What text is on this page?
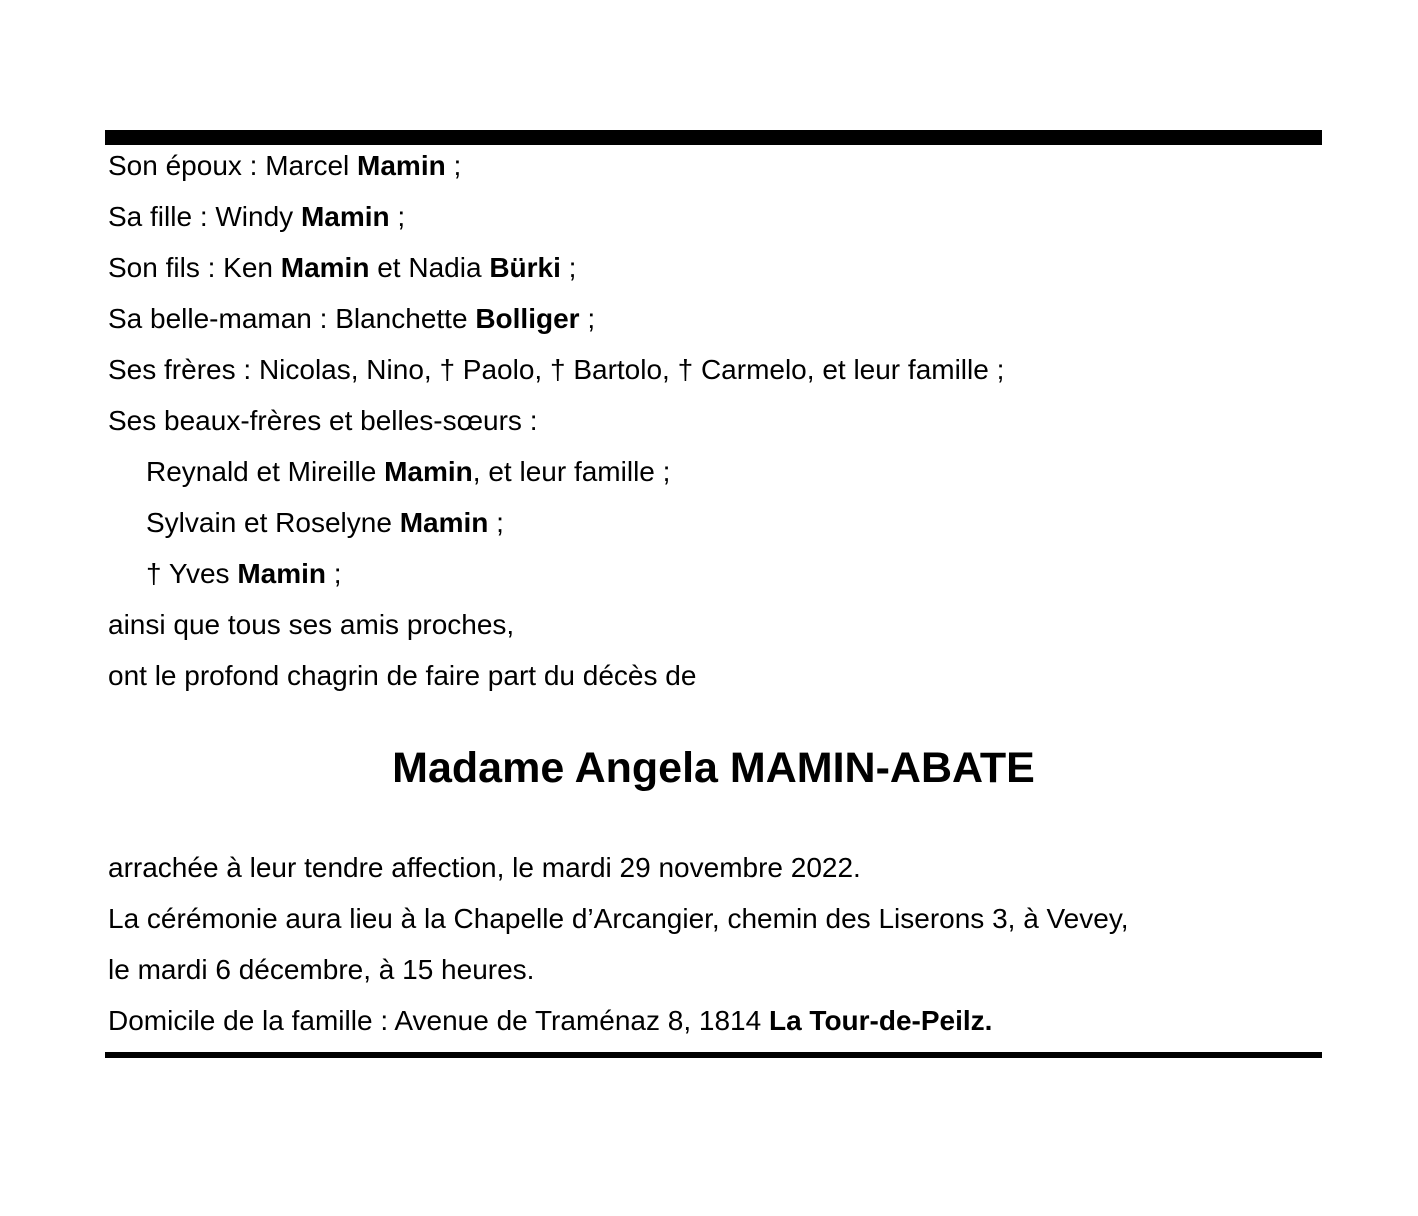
Son époux : Marcel Mamin ;
Sa fille : Windy Mamin ;
Son fils : Ken Mamin et Nadia Bürki ;
Sa belle-maman : Blanchette Bolliger ;
Ses frères : Nicolas, Nino, † Paolo, † Bartolo, † Carmelo, et leur famille ;
Ses beaux-frères et belles-sœurs :
Reynald et Mireille Mamin, et leur famille ;
Sylvain et Roselyne Mamin ;
† Yves Mamin ;
ainsi que tous ses amis proches,
ont le profond chagrin de faire part du décès de
Madame Angela MAMIN-ABATE
arrachée à leur tendre affection, le mardi 29 novembre 2022.
La cérémonie aura lieu à la Chapelle d’Arcangier, chemin des Liserons 3, à Vevey,
le mardi 6 décembre, à 15 heures.
Domicile de la famille : Avenue de Traménaz 8, 1814 La Tour-de-Peilz.
